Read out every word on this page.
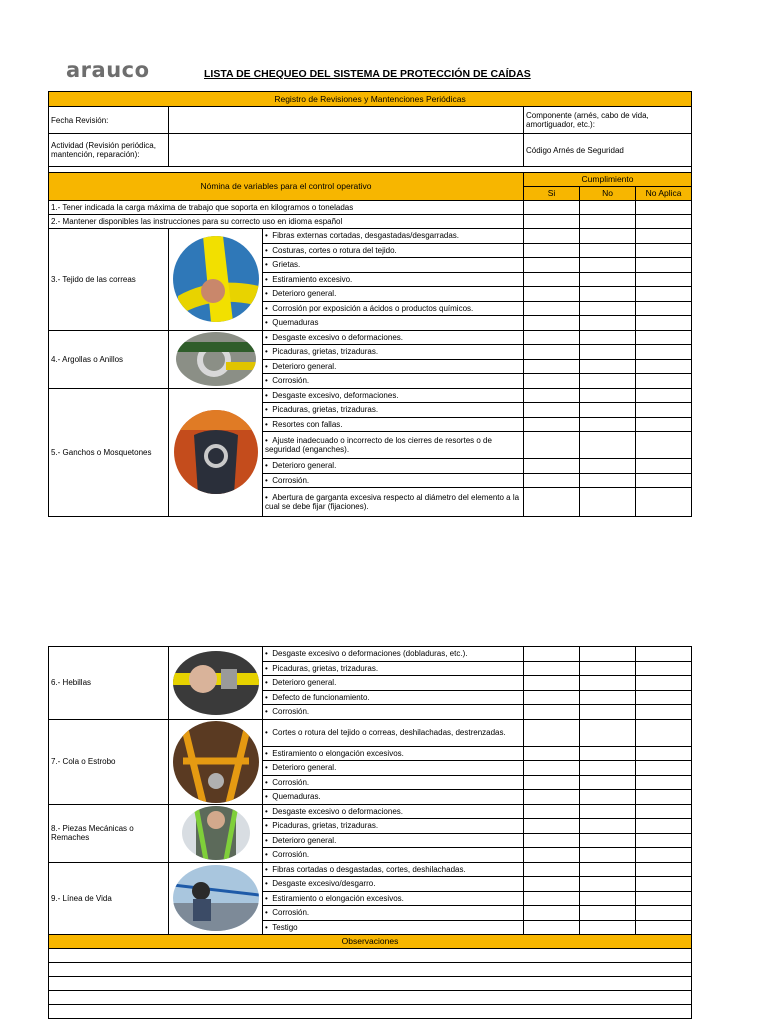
arauco	LISTA DE CHEQUEO DEL SISTEMA DE PROTECCIÓN DE CAÍDAS
Registro de Revisiones y Mantenciones Periódicas					
Fecha Revisión:			Componente (arnés, cabo de vida, amortiguador, etc.):		
Actividad (Revisión periódica, mantención, reparación):			Código Arnés de Seguridad		

Nómina de variables para el control operativo			Cumplimiento		
			Si	No	No Aplica
1.- Tener indicada la carga máxima de trabajo que soporta en kilogramos o toneladas					
2.- Mantener disponibles las instrucciones para su correcto uso en idioma español					
3.- Tejido de las correas		•  Fibras externas cortadas, desgastadas/desgarradas.			
		•  Costuras, cortes o rotura del tejido.			
		•  Grietas.			
		•  Estiramiento excesivo.			
		•  Deterioro general.			
		•  Corrosión por exposición a ácidos o productos químicos.			
		•  Quemaduras			
4.- Argollas o Anillos		•  Desgaste excesivo o deformaciones.			
		•  Picaduras, grietas, trizaduras.			
		•  Deterioro general.			
		•  Corrosión.			
5.- Ganchos o Mosquetones		•  Desgaste excesivo, deformaciones.			
		•  Picaduras, grietas, trizaduras.			
		•  Resortes con fallas.			
		•  Ajuste inadecuado o incorrecto de los cierres de resortes o de seguridad (enganches).			
		•  Deterioro general.			
		•  Corrosión.			
		•  Abertura de garganta excesiva respecto al diámetro del elemento a la cual se debe fijar (fijaciones).			
6.- Hebillas		•  Desgaste excesivo o deformaciones (dobladuras, etc.).			
		•  Picaduras, grietas, trizaduras.			
		•  Deterioro general.			
		•  Defecto de funcionamiento.			
		•  Corrosión.			
7.- Cola o Estrobo		•  Cortes o rotura del tejido o correas, deshilachadas, destrenzadas.			
		•  Estiramiento o elongación excesivos.			
		•  Deterioro general.			
		•  Corrosión.			
		•  Quemaduras.			
8.- Piezas Mecánicas o Remaches		•  Desgaste excesivo o deformaciones.			
		•  Picaduras, grietas, trizaduras.			
		•  Deterioro general.			
		•  Corrosión.			
9.- Línea de Vida		•  Fibras cortadas o desgastadas, cortes, deshilachadas.			
		•  Desgaste excesivo/desgarro.			
		•  Estiramiento o elongación excesivos.			
		•  Corrosión.			
		•  Testigo			
Observaciones					
